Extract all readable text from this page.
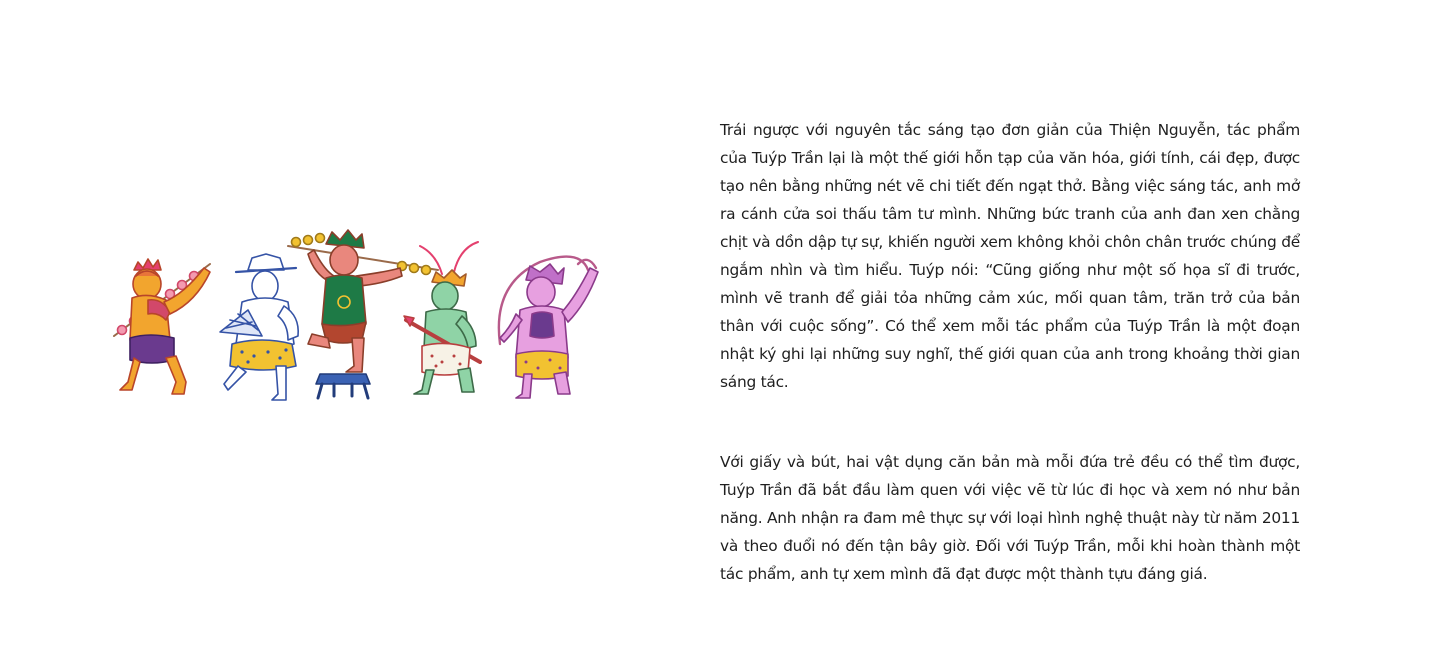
Trái ngược với nguyên tắc sáng tạo đơn giản của Thiện Nguyễn, tác phẩm của Tuýp Trần lại là một thế giới hỗn tạp của văn hóa, giới tính, cái đẹp, được tạo nên bằng những nét vẽ chi tiết đến ngạt thở. Bằng việc sáng tác, anh mở ra cánh cửa soi thấu tâm tư mình. Những bức tranh của anh đan xen chằng chịt và dồn dập tự sự, khiến người xem không khỏi chôn chân trước chúng để ngắm nhìn và tìm hiểu. Tuýp nói: “Cũng giống như một số họa sĩ đi trước, mình vẽ tranh để giải tỏa những cảm xúc, mối quan tâm, trăn trở của bản thân với cuộc sống”. Có thể xem mỗi tác phẩm của Tuýp Trần là một đoạn nhật ký ghi lại những suy nghĩ, thế giới quan của anh trong khoảng thời gian sáng tác.

Với giấy và bút, hai vật dụng căn bản mà mỗi đứa trẻ đều có thể tìm được, Tuýp Trần đã bắt đầu làm quen với việc vẽ từ lúc đi học và xem nó như bản năng. Anh nhận ra đam mê thực sự với loại hình nghệ thuật này từ năm 2011 và theo đuổi nó đến tận bây giờ. Đối với Tuýp Trần, mỗi khi hoàn thành một tác phẩm, anh tự xem mình đã đạt được một thành tựu đáng giá.
